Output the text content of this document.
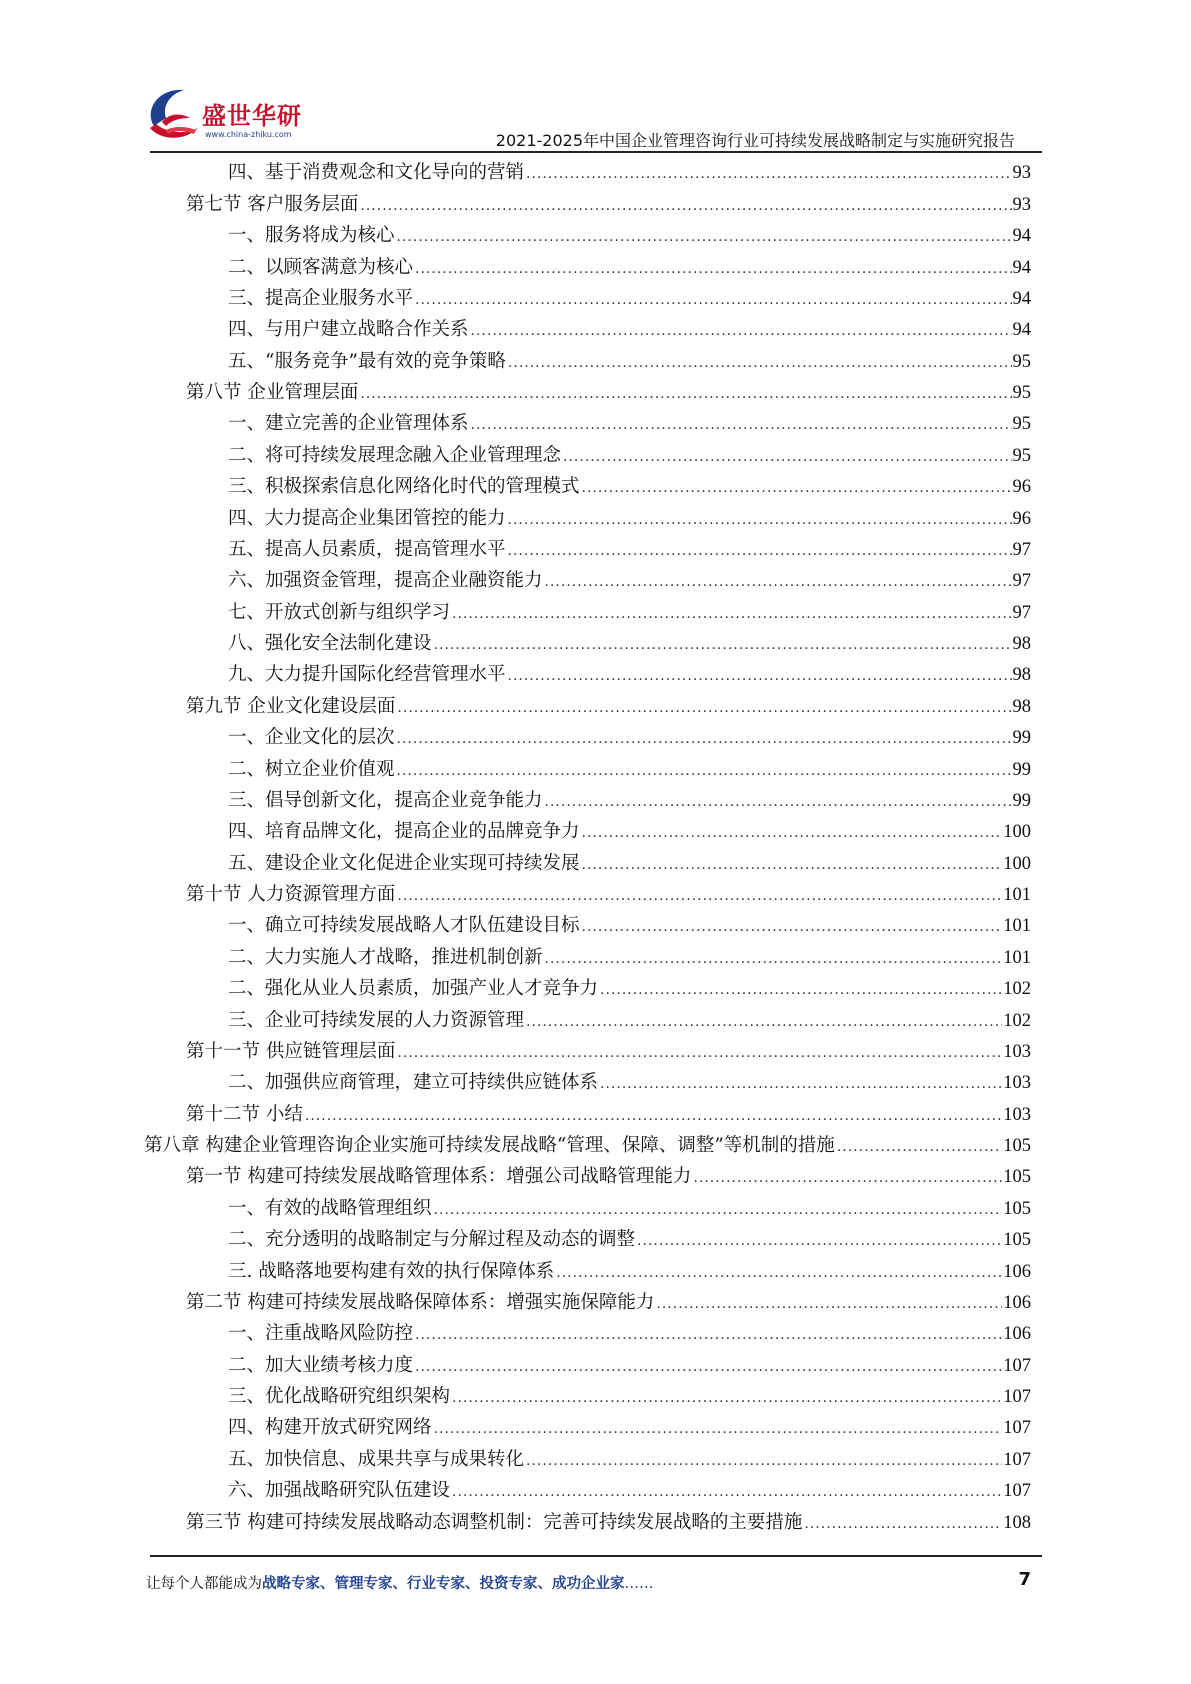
盛世华研
www.china-zhiku.com	2021-2025年中国企业管理咨询行业可持续发展战略制定与实施研究报告
四、基于消费观念和文化导向的营销 .....	93
第七节 客户服务层面 .....	93
一、服务将成为核心 .....	94
二、以顾客满意为核心 .....	94
三、提高企业服务水平 .....	94
四、与用户建立战略合作关系 .....	94
五、“服务竞争”最有效的竞争策略 .....	95
第八节 企业管理层面 .....	95
一、建立完善的企业管理体系 .....	95
二、将可持续发展理念融入企业管理理念 .....	95
三、积极探索信息化网络化时代的管理模式 .....	96
四、大力提高企业集团管控的能力 .....	96
五、提高人员素质，提高管理水平 .....	97
六、加强资金管理，提高企业融资能力 .....	97
七、开放式创新与组织学习 .....	97
八、强化安全法制化建设 .....	98
九、大力提升国际化经营管理水平 .....	98
第九节 企业文化建设层面 .....	98
一、企业文化的层次 .....	99
二、树立企业价值观 .....	99
三、倡导创新文化，提高企业竞争能力 .....	99
四、培育品牌文化，提高企业的品牌竞争力 .....	100
五、建设企业文化促进企业实现可持续发展 .....	100
第十节 人力资源管理方面 .....	101
一、确立可持续发展战略人才队伍建设目标 .....	101
二、大力实施人才战略，推进机制创新 .....	101
二、强化从业人员素质，加强产业人才竞争力 .....	102
三、企业可持续发展的人力资源管理 .....	102
第十一节 供应链管理层面 .....	103
二、加强供应商管理，建立可持续供应链体系 .....	103
第十二节 小结 .....	103
第八章 构建企业管理咨询企业实施可持续发展战略“管理、保障、调整”等机制的措施 .....	105
第一节 构建可持续发展战略管理体系：增强公司战略管理能力 .....	105
一、有效的战略管理组织 .....	105
二、充分透明的战略制定与分解过程及动态的调整 .....	105
三. 战略落地要构建有效的执行保障体系 .....	106
第二节 构建可持续发展战略保障体系：增强实施保障能力 .....	106
一、注重战略风险防控 .....	106
二、加大业绩考核力度 .....	107
三、优化战略研究组织架构 .....	107
四、构建开放式研究网络 .....	107
五、加快信息、成果共享与成果转化 .....	107
六、加强战略研究队伍建设 .....	107
第三节 构建可持续发展战略动态调整机制：完善可持续发展战略的主要措施 .....	108
让每个人都能成为战略专家、管理专家、行业专家、投资专家、成功企业家……	7
